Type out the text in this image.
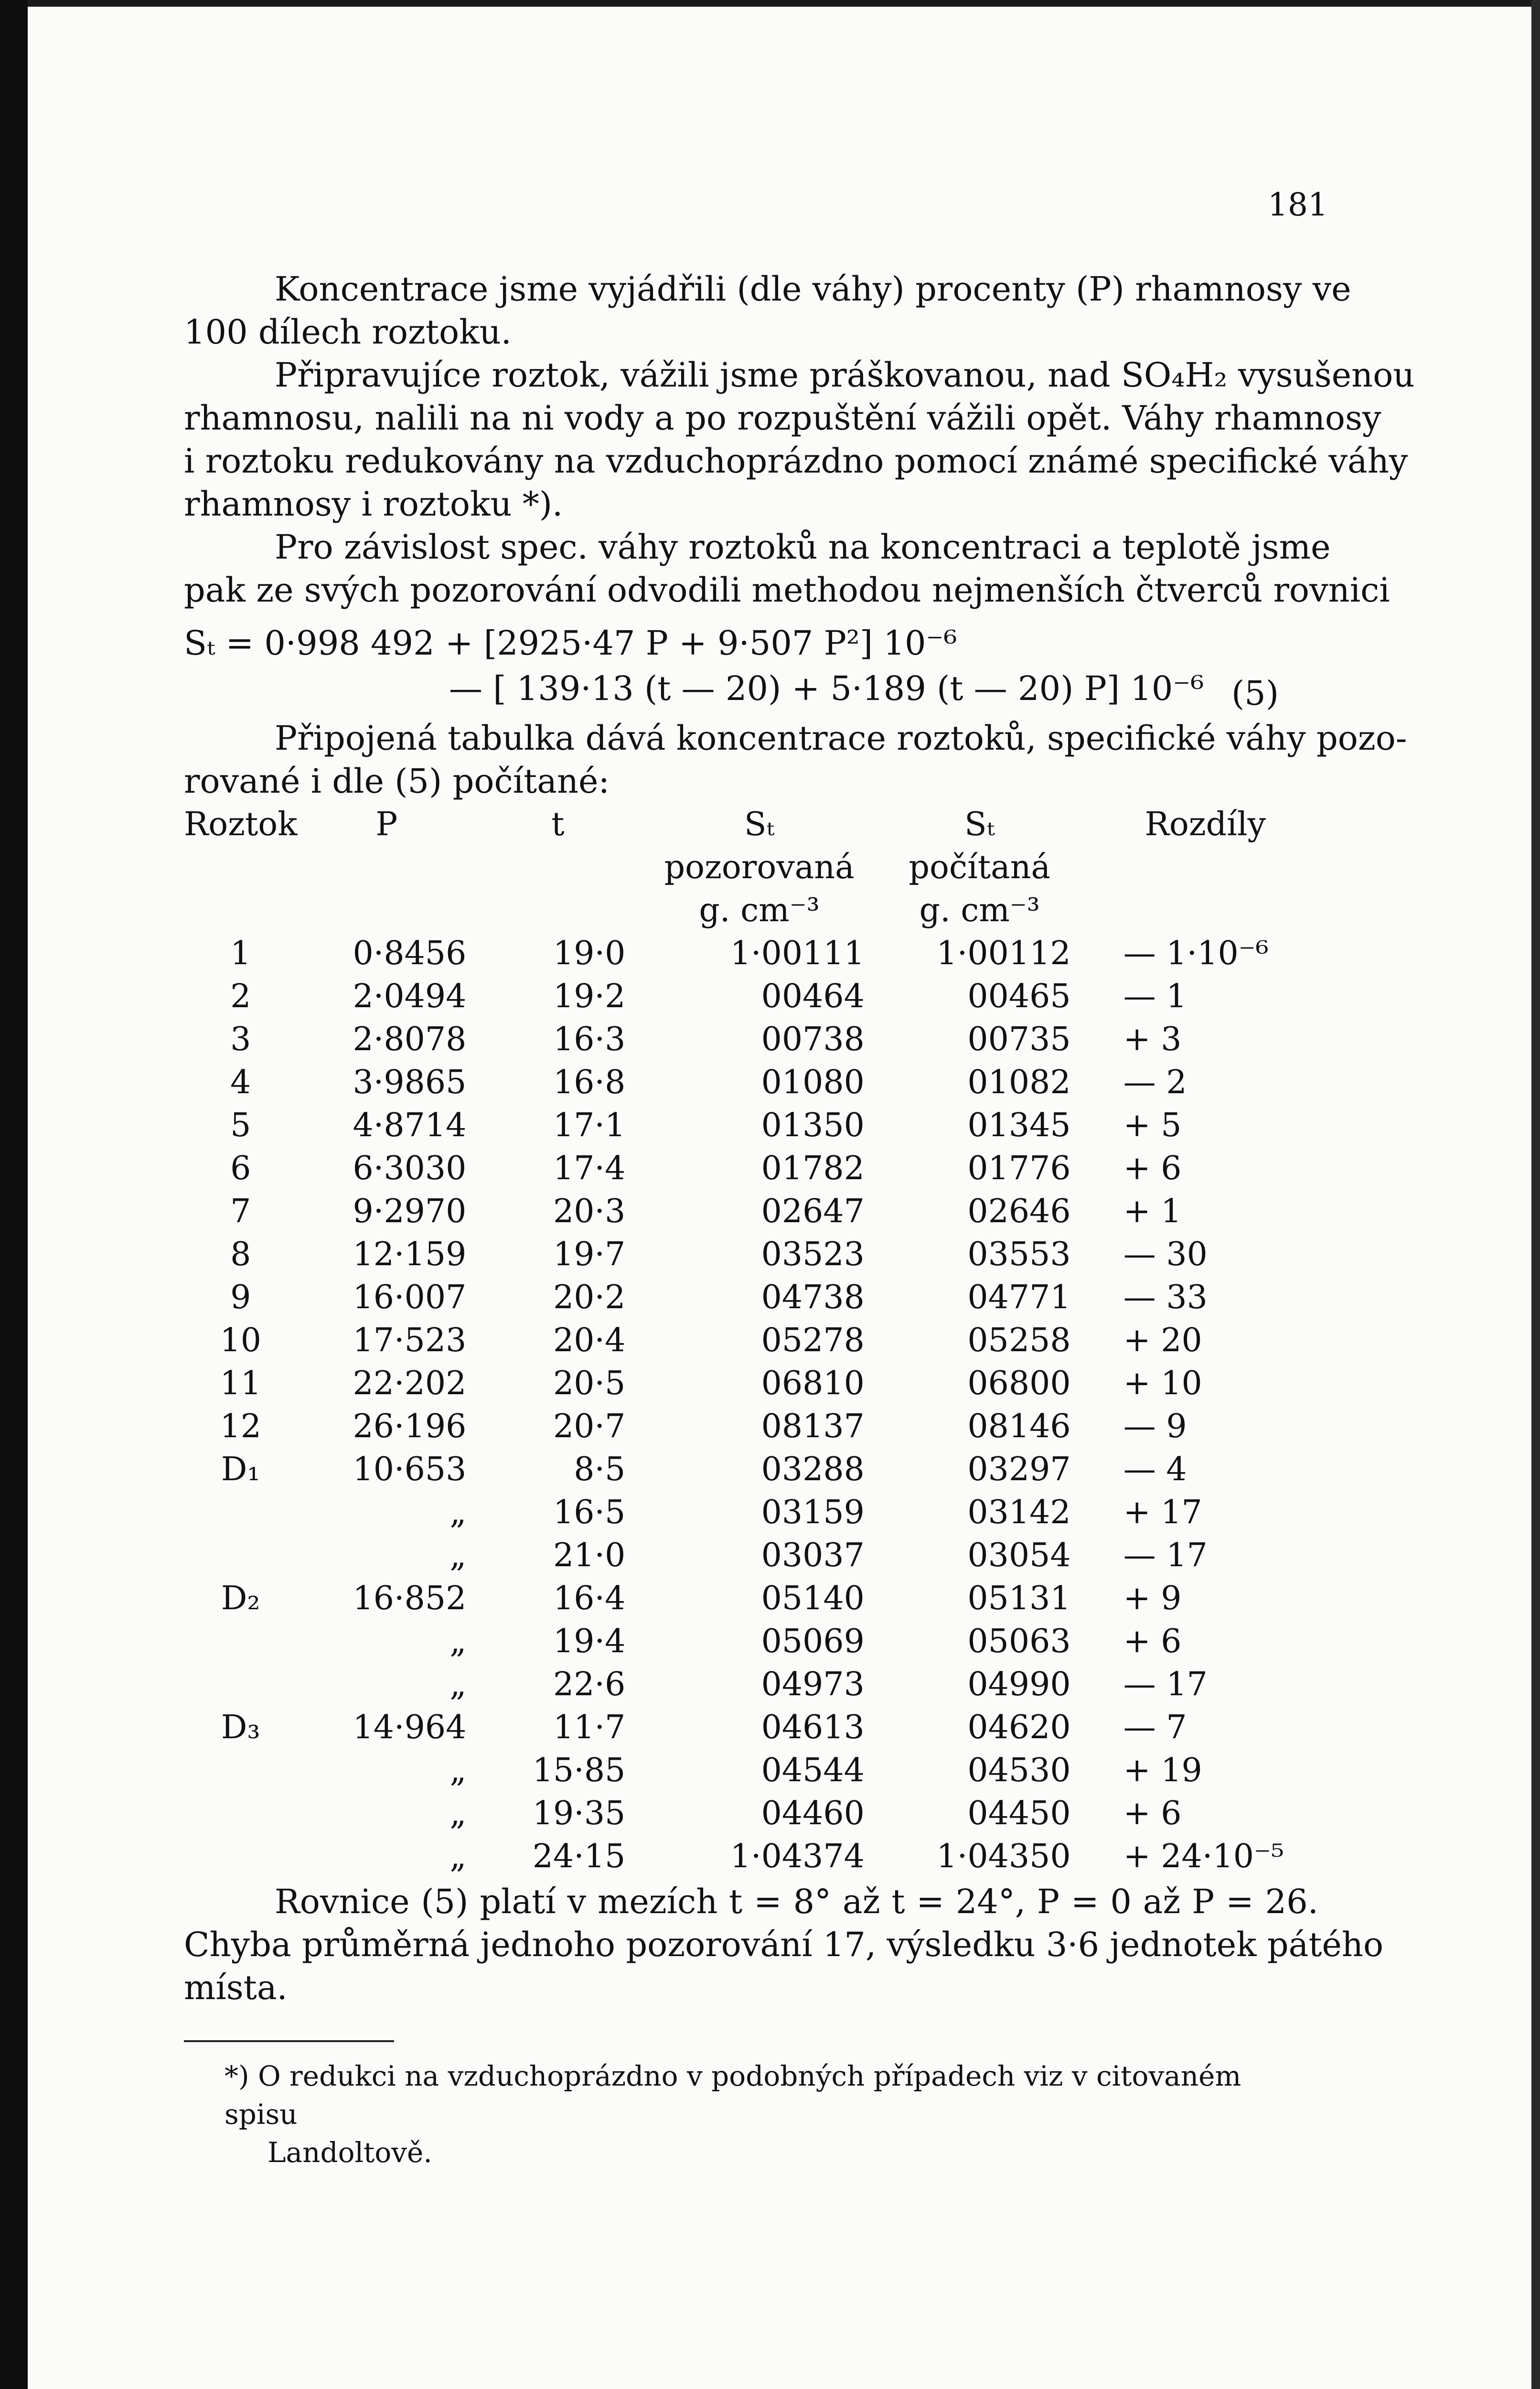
181
Koncentrace jsme vyjádřili (dle váhy) procenty (P) rhamnosy ve
100 dílech roztoku.
Připravujíce roztok, vážili jsme práškovanou, nad SO₄H₂ vysušenou
rhamnosu, nalili na ni vody a po rozpuštění vážili opět. Váhy rhamnosy
i roztoku redukovány na vzduchoprázdno pomocí známé specifické váhy
rhamnosy i roztoku *).
Pro závislost spec. váhy roztoků na koncentraci a teplotě jsme
pak ze svých pozorování odvodili methodou nejmenších čtverců rovnici
Sₜ = 0·998 492 + [2925·47 P + 9·507 P²] 10⁻⁶
— [ 139·13 (t — 20) + 5·189 (t — 20) P] 10⁻⁶ (5)
Připojená tabulka dává koncentrace roztoků, specifické váhy pozo-
rované i dle (5) počítané:
Roztok	P	t	Sₜ	Sₜ	Rozdíly
			pozorovaná	počítaná	
			g. cm⁻³	g. cm⁻³	
1	0·8456	19·0	1·00111	1·00112	— 1·10⁻⁶
2	2·0494	19·2	00464	00465	— 1
3	2·8078	16·3	00738	00735	+ 3
4	3·9865	16·8	01080	01082	— 2
5	4·8714	17·1	01350	01345	+ 5
6	6·3030	17·4	01782	01776	+ 6
7	9·2970	20·3	02647	02646	+ 1
8	12·159	19·7	03523	03553	— 30
9	16·007	20·2	04738	04771	— 33
10	17·523	20·4	05278	05258	+ 20
11	22·202	20·5	06810	06800	+ 10
12	26·196	20·7	08137	08146	— 9
D₁	10·653	8·5	03288	03297	— 4
	„	16·5	03159	03142	+ 17
	„	21·0	03037	03054	— 17
D₂	16·852	16·4	05140	05131	+ 9
	„	19·4	05069	05063	+ 6
	„	22·6	04973	04990	— 17
D₃	14·964	11·7	04613	04620	— 7
	„	15·85	04544	04530	+ 19
	„	19·35	04460	04450	+ 6
	„	24·15	1·04374	1·04350	+ 24·10⁻⁵
Rovnice (5) platí v mezích t = 8° až t = 24°, P = 0 až P = 26.
Chyba průměrná jednoho pozorování 17, výsledku 3·6 jednotek pátého
místa.
*) O redukci na vzduchoprázdno v podobných případech viz v citovaném spisu
Landoltově.
